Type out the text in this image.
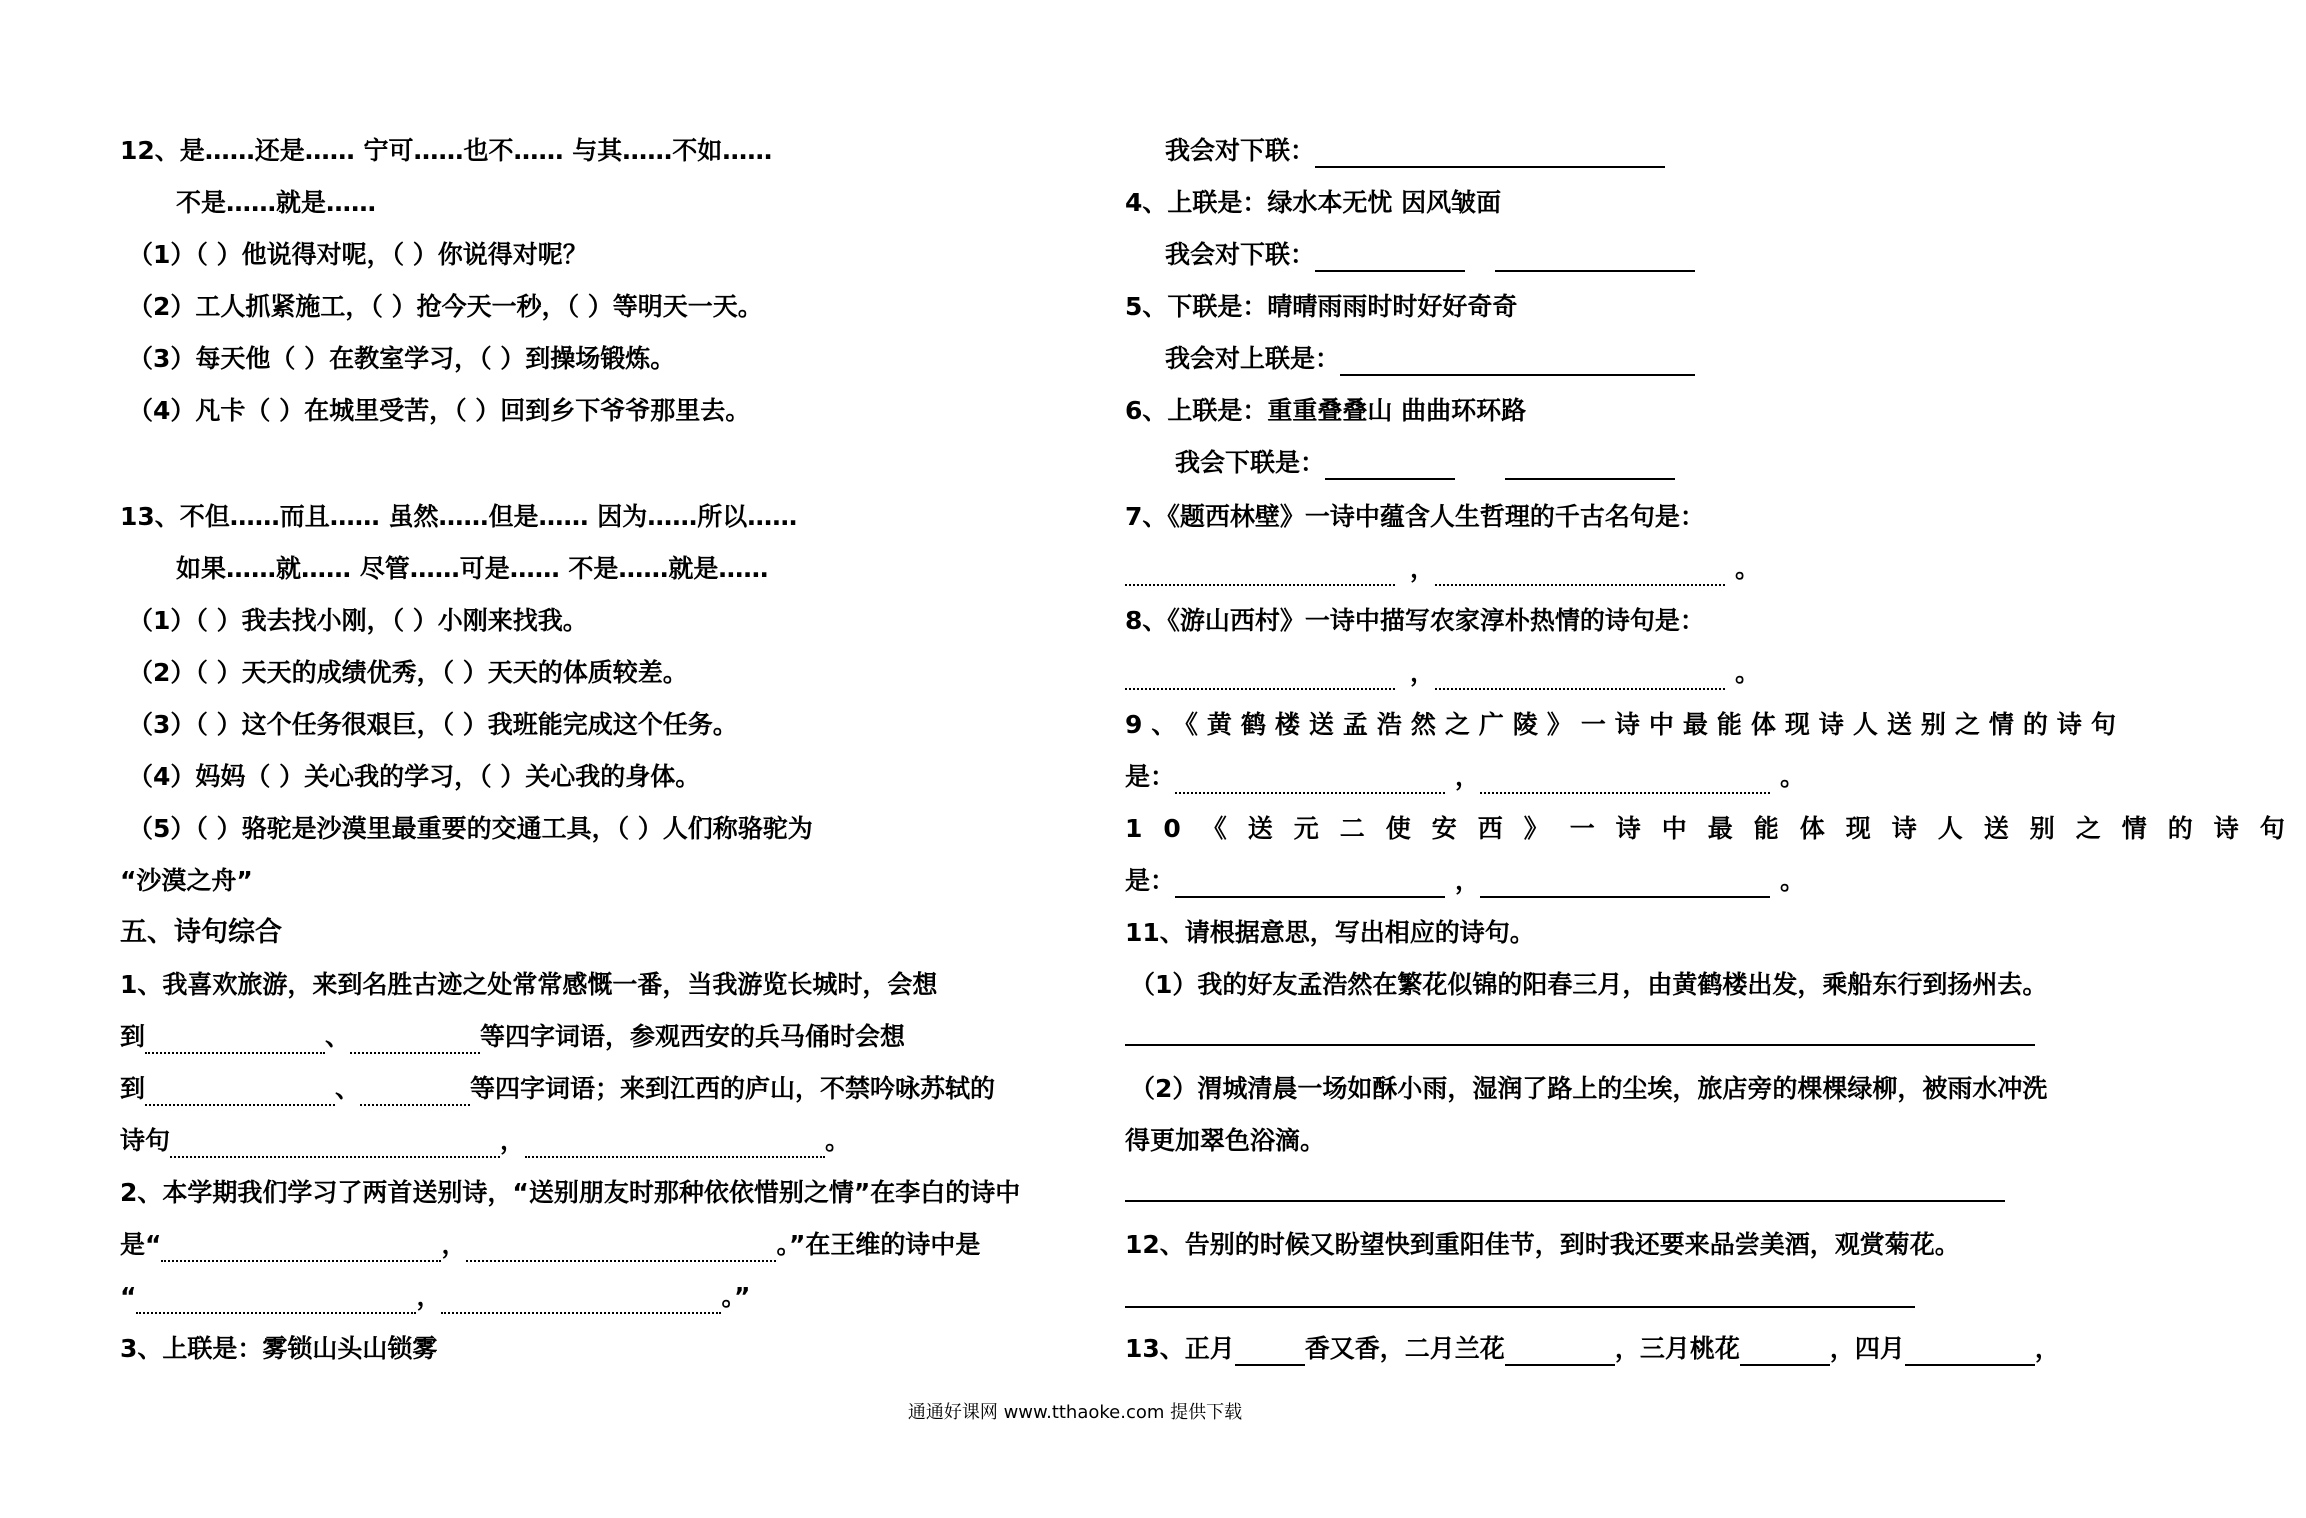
12、是……还是…… 宁可……也不…… 与其……不如……
不是……就是……
（1）（ ）他说得对呢，（ ）你说得对呢？
（2）工人抓紧施工，（ ）抢今天一秒，（ ）等明天一天。
（3）每天他（ ）在教室学习，（ ）到操场锻炼。
（4）凡卡（ ）在城里受苦，（ ）回到乡下爷爷那里去。
13、不但……而且…… 虽然……但是…… 因为……所以……
如果……就…… 尽管……可是…… 不是……就是……
（1）（ ）我去找小刚，（ ）小刚来找我。
（2）（ ）天天的成绩优秀，（ ）天天的体质较差。
（3）（ ）这个任务很艰巨，（ ）我班能完成这个任务。
（4）妈妈（ ）关心我的学习，（ ）关心我的身体。
（5）（ ）骆驼是沙漠里最重要的交通工具，（ ）人们称骆驼为
“沙漠之舟”
五、诗句综合
1、我喜欢旅游，来到名胜古迹之处常常感慨一番，当我游览长城时，会想
到	、	等四字词语，参观西安的兵马俑时会想
到	、	等四字词语；来到江西的庐山，不禁吟咏苏轼的
诗句	，	。
2、本学期我们学习了两首送别诗，“送别朋友时那种依依惜别之情”在李白的诗中
是“	，	。”在王维的诗中是
“	，	。”
3、上联是：雾锁山头山锁雾
我会对下联：
4、上联是：绿水本无忧 因风皱面
我会对下联：
5、下联是：晴晴雨雨时时好好奇奇
我会对上联是：
6、上联是：重重叠叠山 曲曲环环路
我会下联是：
7、《题西林壁》一诗中蕴含人生哲理的千古名句是：
，	。
8、《游山西村》一诗中描写农家淳朴热情的诗句是：
，	。
9、《黄鹤楼送孟浩然之广陵》一诗中最能体现诗人送别之情的诗句
是：	，	。
10《送元二使安西》一诗中最能体现诗人送别之情的诗句
是：	，	。
11、请根据意思，写出相应的诗句。
（1）我的好友孟浩然在繁花似锦的阳春三月，由黄鹤楼出发，乘船东行到扬州去。
（2）渭城清晨一场如酥小雨，湿润了路上的尘埃，旅店旁的棵棵绿柳，被雨水冲洗
得更加翠色浴滴。
12、告别的时候又盼望快到重阳佳节，到时我还要来品尝美酒，观赏菊花。
13、正月	香又香，二月兰花	，三月桃花	，四月	，
通通好课网 www.tthaoke.com 提供下载
